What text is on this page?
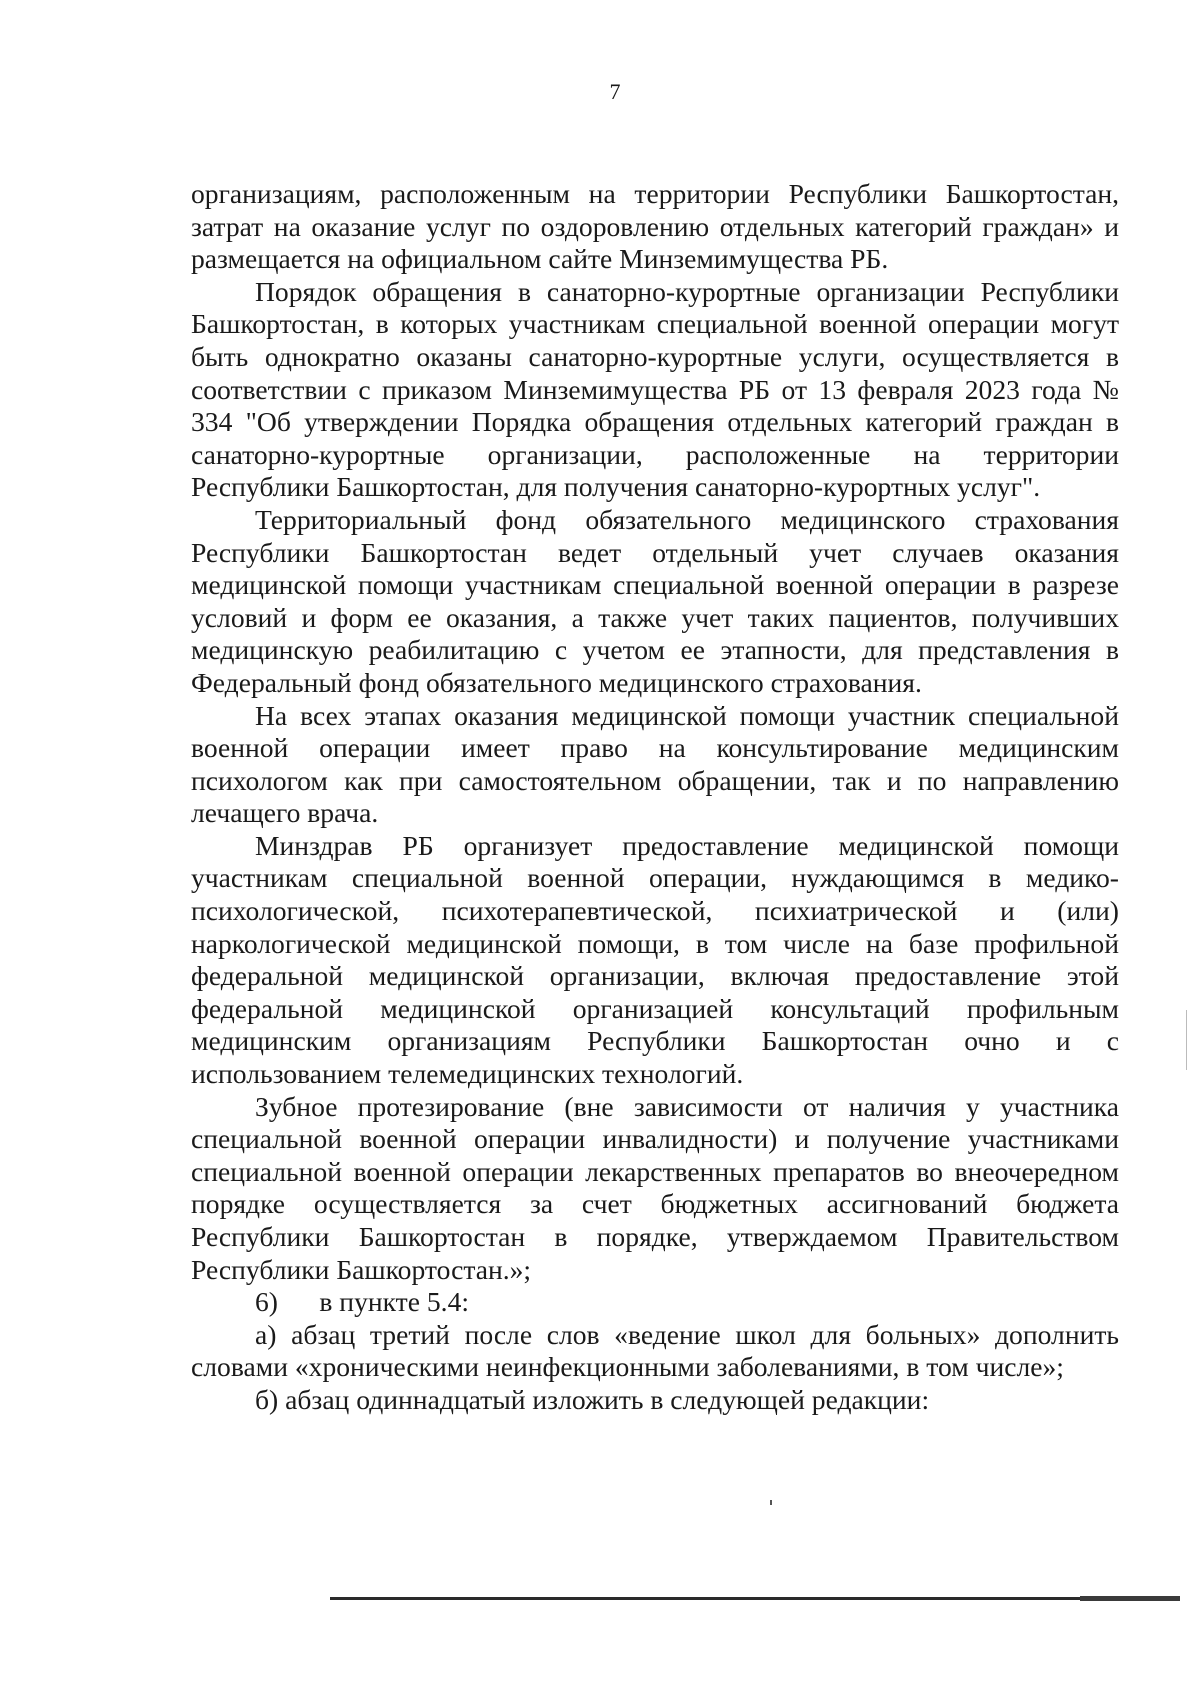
7

организациям, расположенным на территории Республики Башкортостан, затрат на оказание услуг по оздоровлению отдельных категорий граждан» и размещается на официальном сайте Минземимущества РБ.

Порядок обращения в санаторно-курортные организации Республики Башкортостан, в которых участникам специальной военной операции могут быть однократно оказаны санаторно-курортные услуги, осуществляется в соответствии с приказом Минземимущества РБ от 13 февраля 2023 года № 334 "Об утверждении Порядка обращения отдельных категорий граждан в санаторно-курортные организации, расположенные на территории Республики Башкортостан, для получения санаторно-курортных услуг".

Территориальный фонд обязательного медицинского страхования Республики Башкортостан ведет отдельный учет случаев оказания медицинской помощи участникам специальной военной операции в разрезе условий и форм ее оказания, а также учет таких пациентов, получивших медицинскую реабилитацию с учетом ее этапности, для представления в Федеральный фонд обязательного медицинского страхования.

На всех этапах оказания медицинской помощи участник специальной военной операции имеет право на консультирование медицинским психологом как при самостоятельном обращении, так и по направлению лечащего врача.

Минздрав РБ организует предоставление медицинской помощи участникам специальной военной операции, нуждающимся в медико-психологической, психотерапевтической, психиатрической и (или) наркологической медицинской помощи, в том числе на базе профильной федеральной медицинской организации, включая предоставление этой федеральной медицинской организацией консультаций профильным медицинским организациям Республики Башкортостан очно и с использованием телемедицинских технологий.

Зубное протезирование (вне зависимости от наличия у участника специальной военной операции инвалидности) и получение участниками специальной военной операции лекарственных препаратов во внеочередном порядке осуществляется за счет бюджетных ассигнований бюджета Республики Башкортостан в порядке, утверждаемом Правительством Республики Башкортостан.»;

6)      в пункте 5.4:

а) абзац третий после слов «ведение школ для больных» дополнить словами «хроническими неинфекционными заболеваниями, в том числе»;

б) абзац одиннадцатый изложить в следующей редакции:
